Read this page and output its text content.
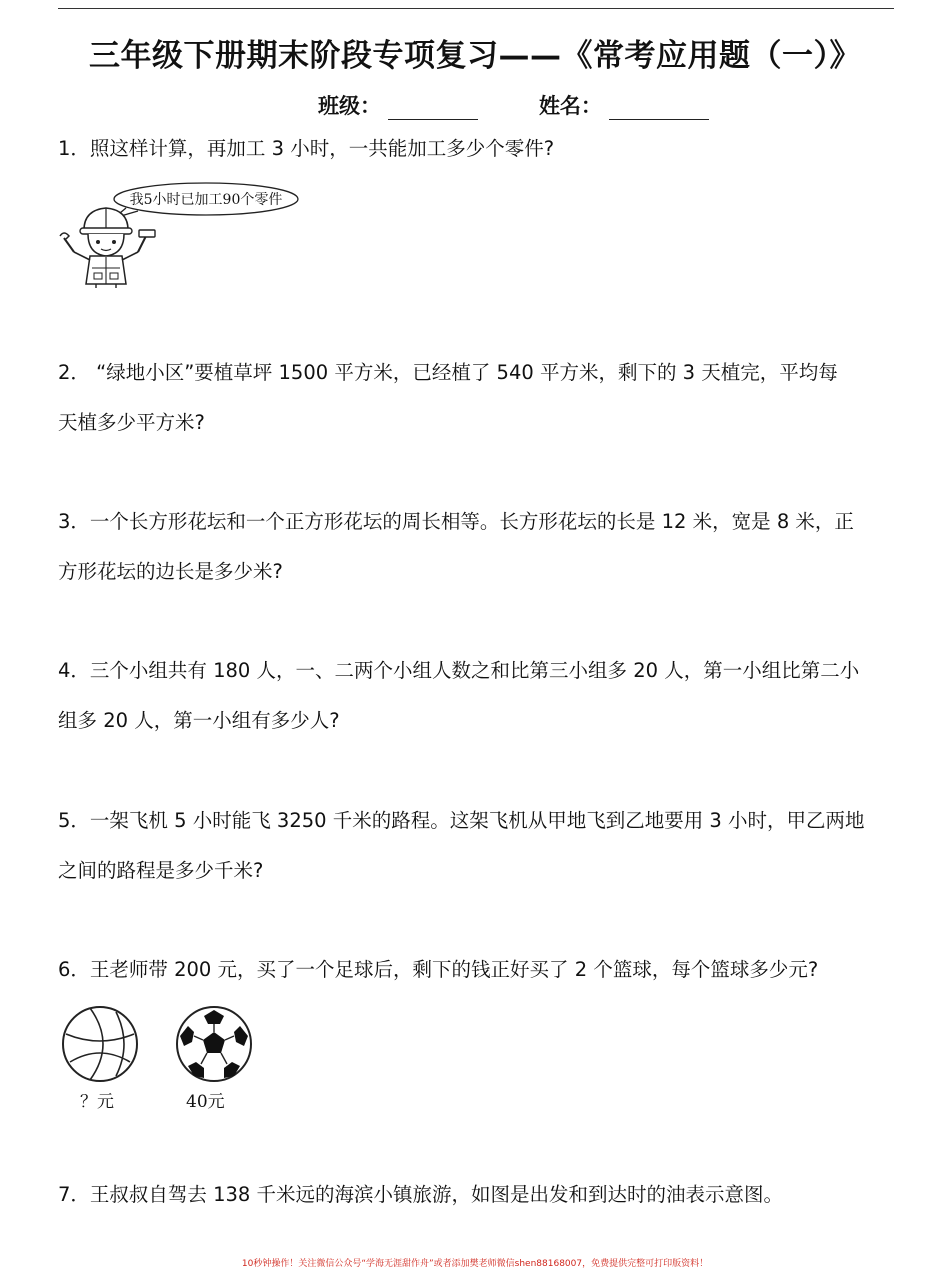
三年级下册期末阶段专项复习——《常考应用题（一）》
班级：	姓名：
1．照这样计算，再加工 3 小时，一共能加工多少个零件?
我5小时已加工90个零件
2． “绿地小区”要植草坪 1500 平方米，已经植了 540 平方米，剩下的 3 天植完，平均每
天植多少平方米?
3．一个长方形花坛和一个正方形花坛的周长相等。长方形花坛的长是 12 米，宽是 8 米，正
方形花坛的边长是多少米?
4．三个小组共有 180 人，一、二两个小组人数之和比第三小组多 20 人，第一小组比第二小
组多 20 人，第一小组有多少人?
5．一架飞机 5 小时能飞 3250 千米的路程。这架飞机从甲地飞到乙地要用 3 小时，甲乙两地
之间的路程是多少千米?
6．王老师带 200 元，买了一个足球后，剩下的钱正好买了 2 个篮球，每个篮球多少元?
？元	40元
7．王叔叔自驾去 138 千米远的海滨小镇旅游，如图是出发和到达时的油表示意图。
10秒钟操作！关注微信公众号“学海无涯甜作舟”或者添加樊老师微信shen88168007，免费提供完整可打印版资料！
